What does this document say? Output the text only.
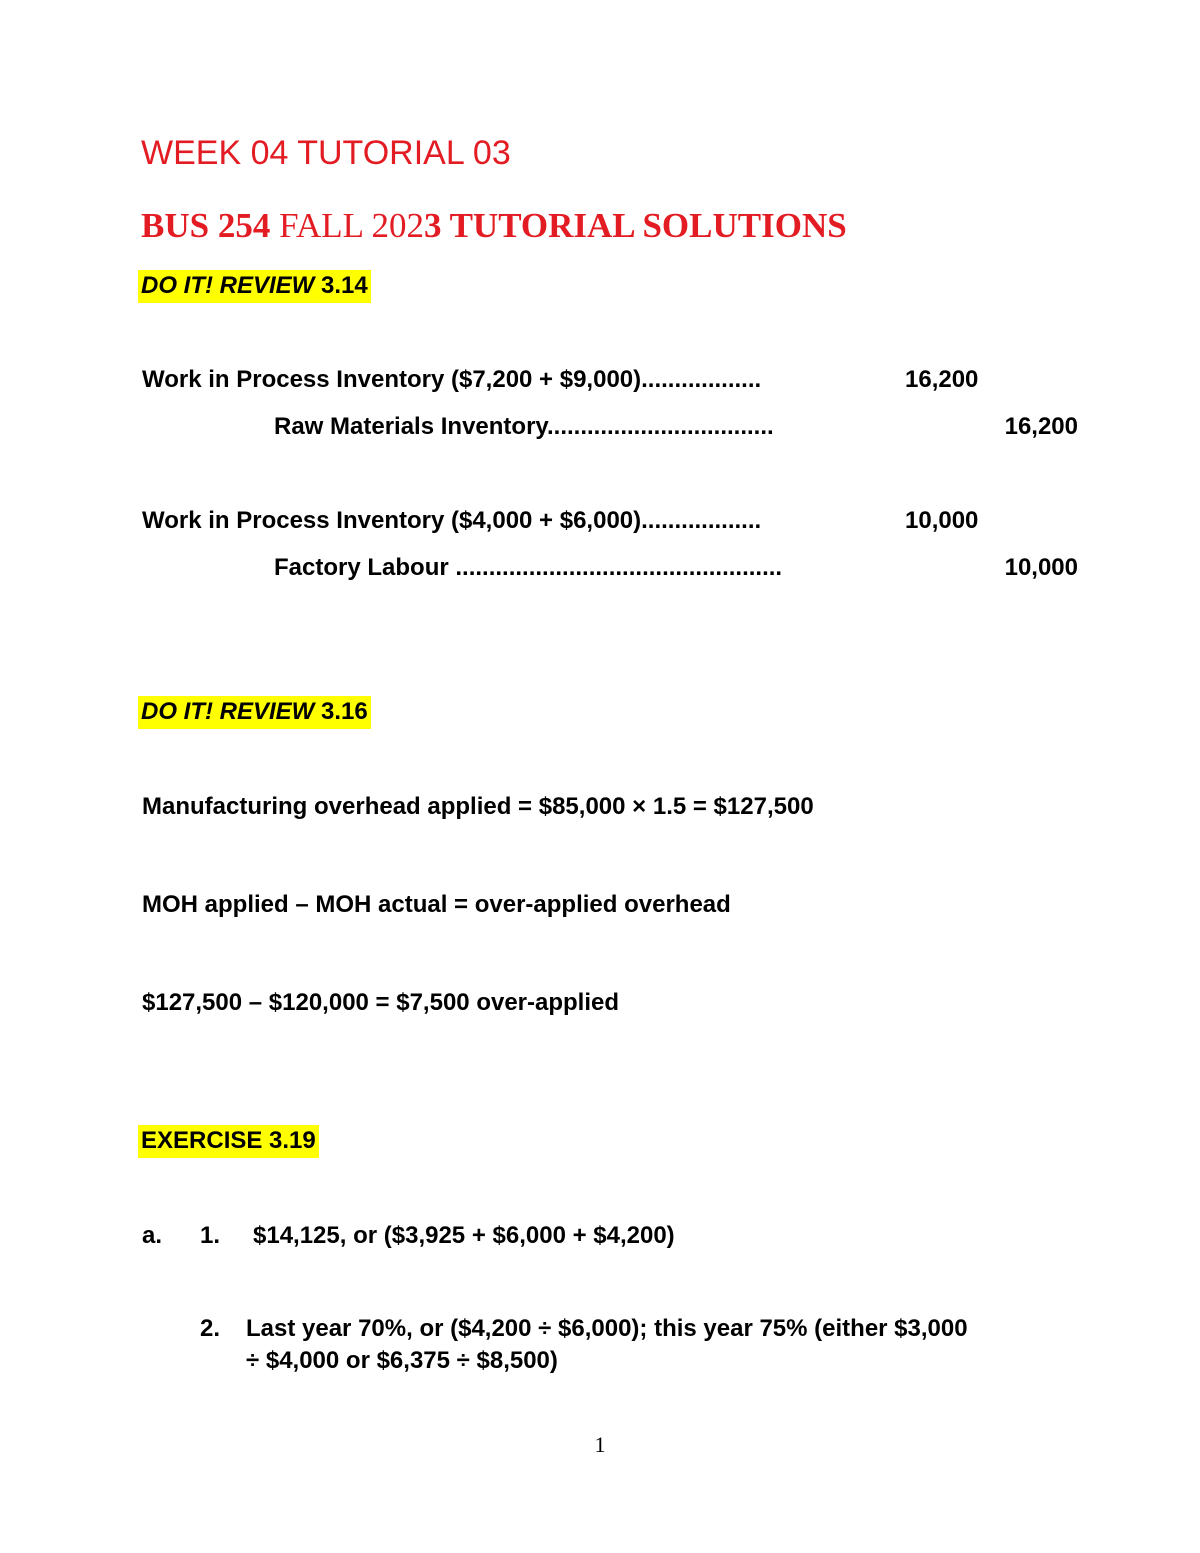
WEEK 04 TUTORIAL 03
BUS 254 FALL 2023 TUTORIAL SOLUTIONS
DO IT! REVIEW 3.14
Work in Process Inventory ($7,200 + $9,000)..................	16,200
Raw Materials Inventory..................................	16,200
Work in Process Inventory ($4,000 + $6,000)..................	10,000
Factory Labour .................................................	10,000
DO IT! REVIEW 3.16
Manufacturing overhead applied = $85,000 × 1.5 = $127,500
MOH applied – MOH actual = over-applied overhead
$127,500 – $120,000 = $7,500 over-applied
EXERCISE 3.19
a. 1. $14,125, or ($3,925 + $6,000 + $4,200)
2. Last year 70%, or ($4,200 ÷ $6,000); this year 75% (either $3,000
÷ $4,000 or $6,375 ÷ $8,500)
1
